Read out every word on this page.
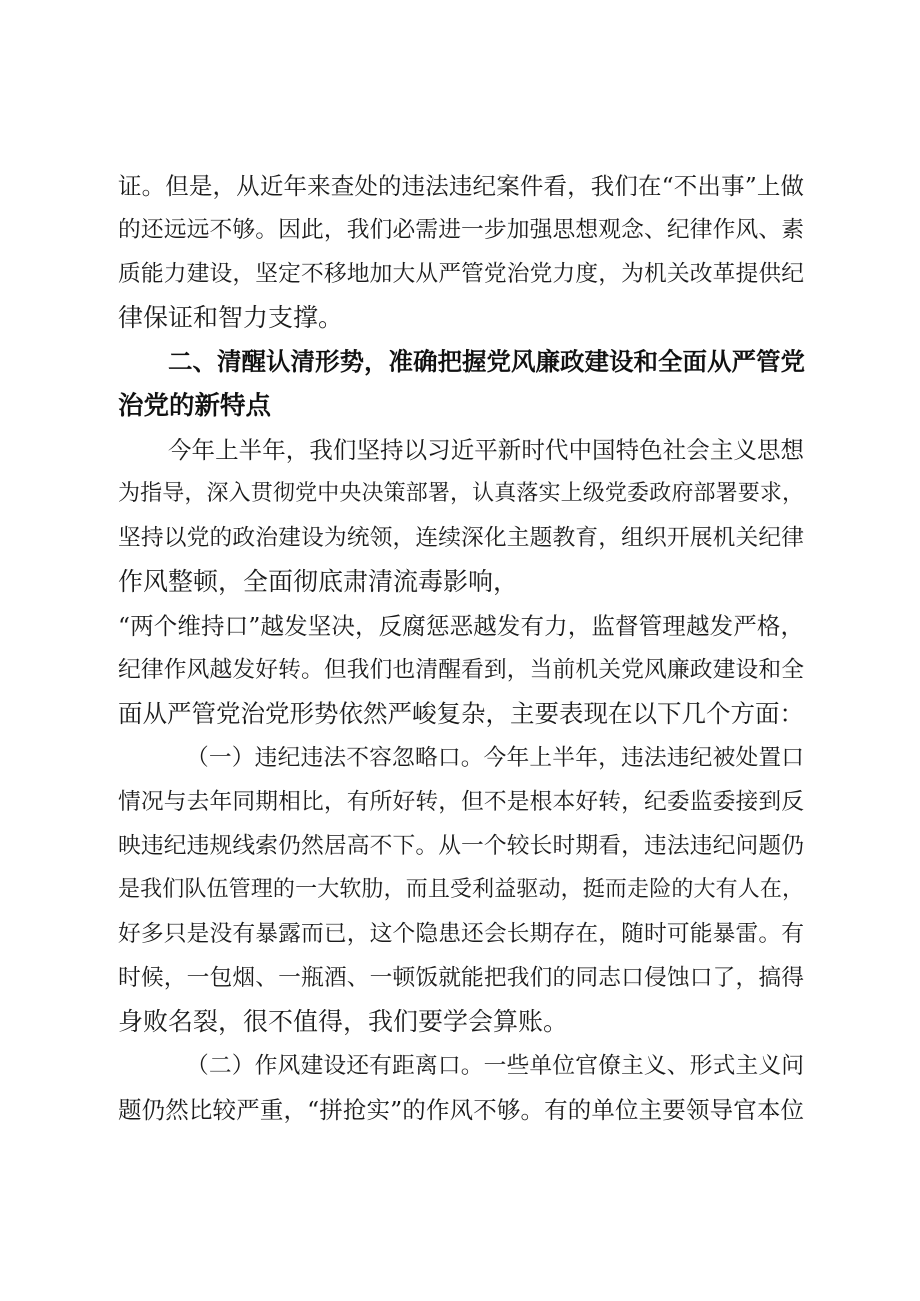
证。但是，从近年来查处的违法违纪案件看，我们在“不出事”上做
的还远远不够。因此，我们必需进一步加强思想观念、纪律作风、素
质能力建设，坚定不移地加大从严管党治党力度，为机关改革提供纪
律保证和智力支撑。
二、清醒认清形势，准确把握党风廉政建设和全面从严管党
治党的新特点
今年上半年，我们坚持以习近平新时代中国特色社会主义思想
为指导，深入贯彻党中央决策部署，认真落实上级党委政府部署要求，
坚持以党的政治建设为统领，连续深化主题教育，组织开展机关纪律
作风整顿，全面彻底肃清流毒影响，
“两个维持口”越发坚决，反腐惩恶越发有力，监督管理越发严格，
纪律作风越发好转。但我们也清醒看到，当前机关党风廉政建设和全
面从严管党治党形势依然严峻复杂，主要表现在以下几个方面：
（一）违纪违法不容忽略口。今年上半年，违法违纪被处置口
情况与去年同期相比，有所好转，但不是根本好转，纪委监委接到反
映违纪违规线索仍然居高不下。从一个较长时期看，违法违纪问题仍
是我们队伍管理的一大软肋，而且受利益驱动，挺而走险的大有人在，
好多只是没有暴露而已，这个隐患还会长期存在，随时可能暴雷。有
时候，一包烟、一瓶酒、一顿饭就能把我们的同志口侵蚀口了，搞得
身败名裂，很不值得，我们要学会算账。
（二）作风建设还有距离口。一些单位官僚主义、形式主义问
题仍然比较严重，“拼抢实”的作风不够。有的单位主要领导官本位
